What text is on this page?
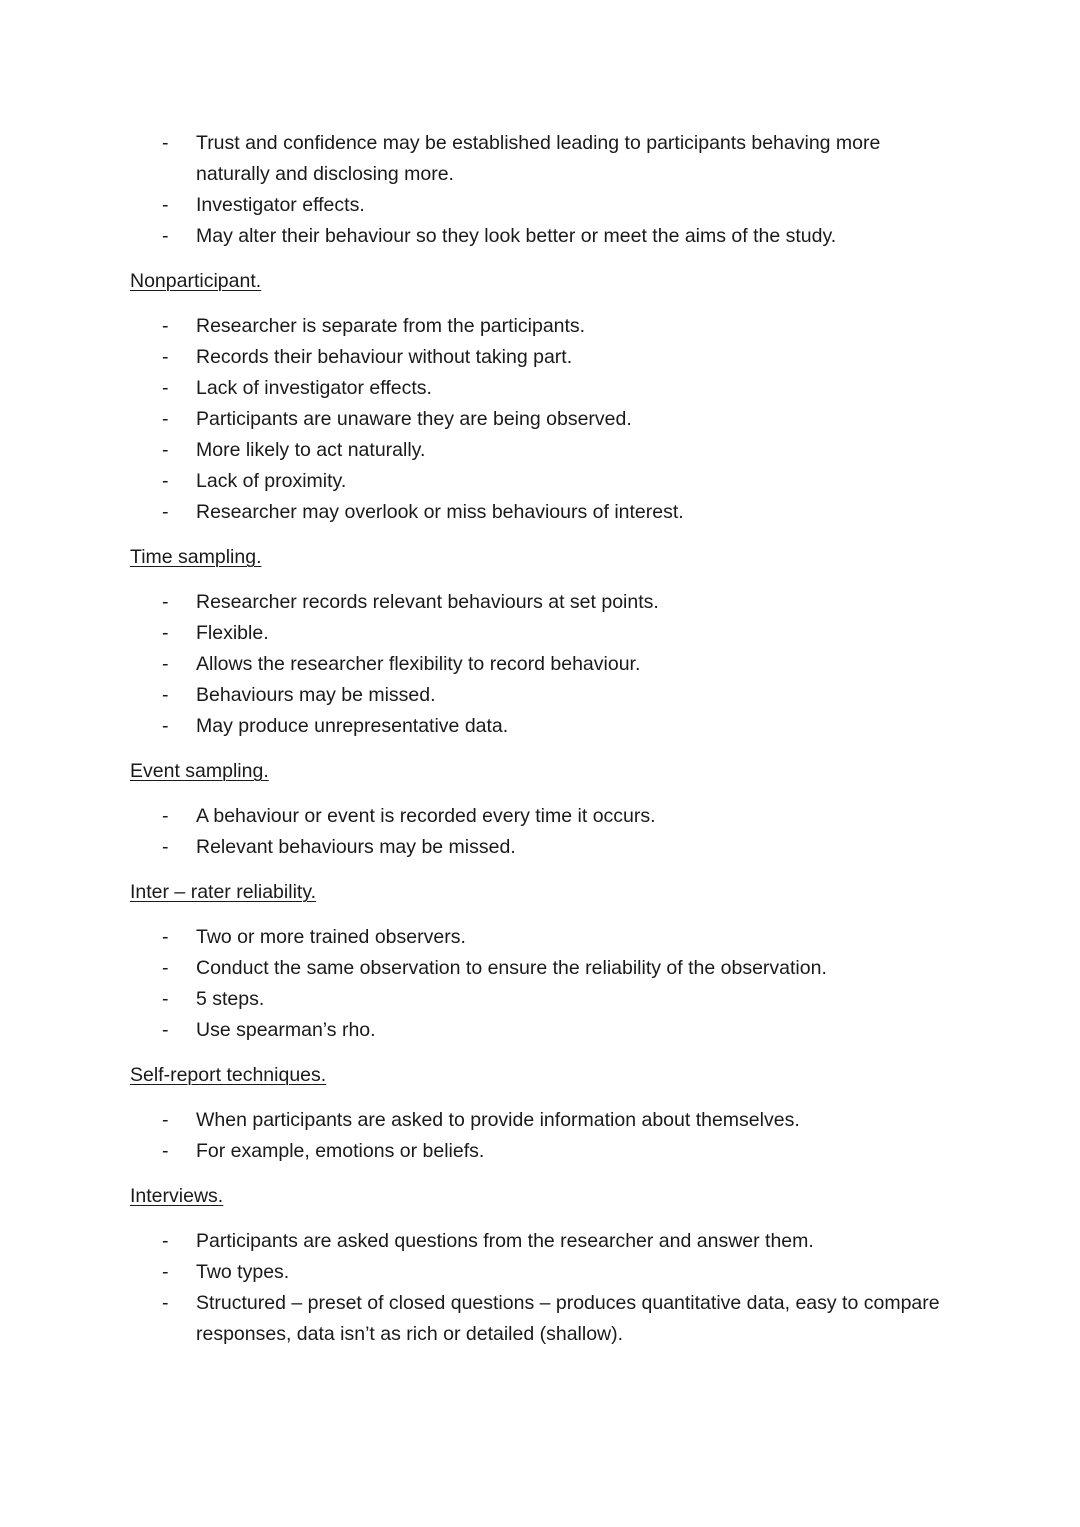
- Trust and confidence may be established leading to participants behaving more naturally and disclosing more.
- Investigator effects.
- May alter their behaviour so they look better or meet the aims of the study.
Nonparticipant.
- Researcher is separate from the participants.
- Records their behaviour without taking part.
- Lack of investigator effects.
- Participants are unaware they are being observed.
- More likely to act naturally.
- Lack of proximity.
- Researcher may overlook or miss behaviours of interest.
Time sampling.
- Researcher records relevant behaviours at set points.
- Flexible.
- Allows the researcher flexibility to record behaviour.
- Behaviours may be missed.
- May produce unrepresentative data.
Event sampling.
- A behaviour or event is recorded every time it occurs.
- Relevant behaviours may be missed.
Inter – rater reliability.
- Two or more trained observers.
- Conduct the same observation to ensure the reliability of the observation.
- 5 steps.
- Use spearman’s rho.
Self-report techniques.
- When participants are asked to provide information about themselves.
- For example, emotions or beliefs.
Interviews.
- Participants are asked questions from the researcher and answer them.
- Two types.
- Structured – preset of closed questions – produces quantitative data, easy to compare responses, data isn’t as rich or detailed (shallow).
